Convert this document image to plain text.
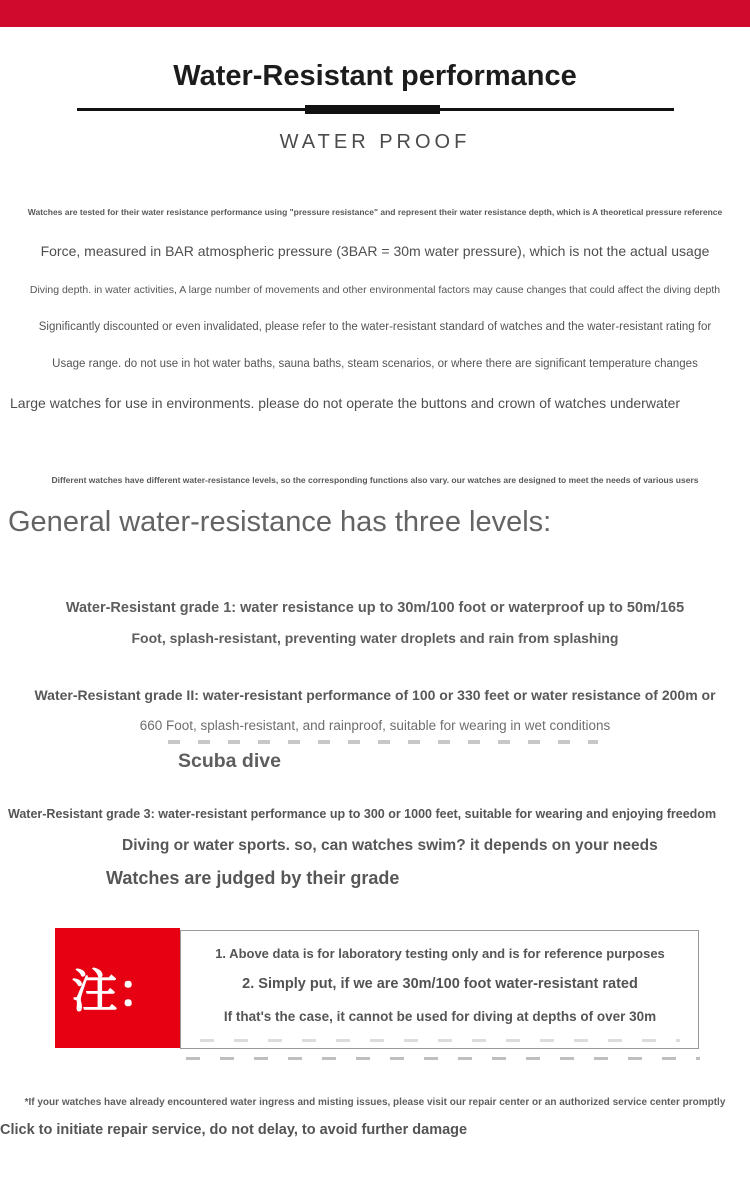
Water-Resistant performance
WATER PROOF
Watches are tested for their water resistance performance using "pressure resistance" and represent their water resistance depth, which is A theoretical pressure reference
Force, measured in BAR atmospheric pressure (3BAR = 30m water pressure), which is not the actual usage
Diving depth. in water activities, A large number of movements and other environmental factors may cause changes that could affect the diving depth
Significantly discounted or even invalidated, please refer to the water-resistant standard of watches and the water-resistant rating for
Usage range. do not use in hot water baths, sauna baths, steam scenarios, or where there are significant temperature changes
Large watches for use in environments. please do not operate the buttons and crown of watches underwater
Different watches have different water-resistance levels, so the corresponding functions also vary. our watches are designed to meet the needs of various users
General water-resistance has three levels:
Water-Resistant grade 1: water resistance up to 30m/100 foot or waterproof up to 50m/165
Foot, splash-resistant, preventing water droplets and rain from splashing
Water-Resistant grade II: water-resistant performance of 100 or 330 feet or water resistance of 200m or
660 Foot, splash-resistant, and rainproof, suitable for wearing in wet conditions
Scuba dive
Water-Resistant grade 3: water-resistant performance up to 300 or 1000 feet, suitable for wearing and enjoying freedom
Diving or water sports. so, can watches swim? it depends on your needs
Watches are judged by their grade
注：
1. Above data is for laboratory testing only and is for reference purposes
2. Simply put, if we are 30m/100 foot water-resistant rated
If that's the case, it cannot be used for diving at depths of over 30m
*If your watches have already encountered water ingress and misting issues, please visit our repair center or an authorized service center promptly
Click to initiate repair service, do not delay, to avoid further damage
